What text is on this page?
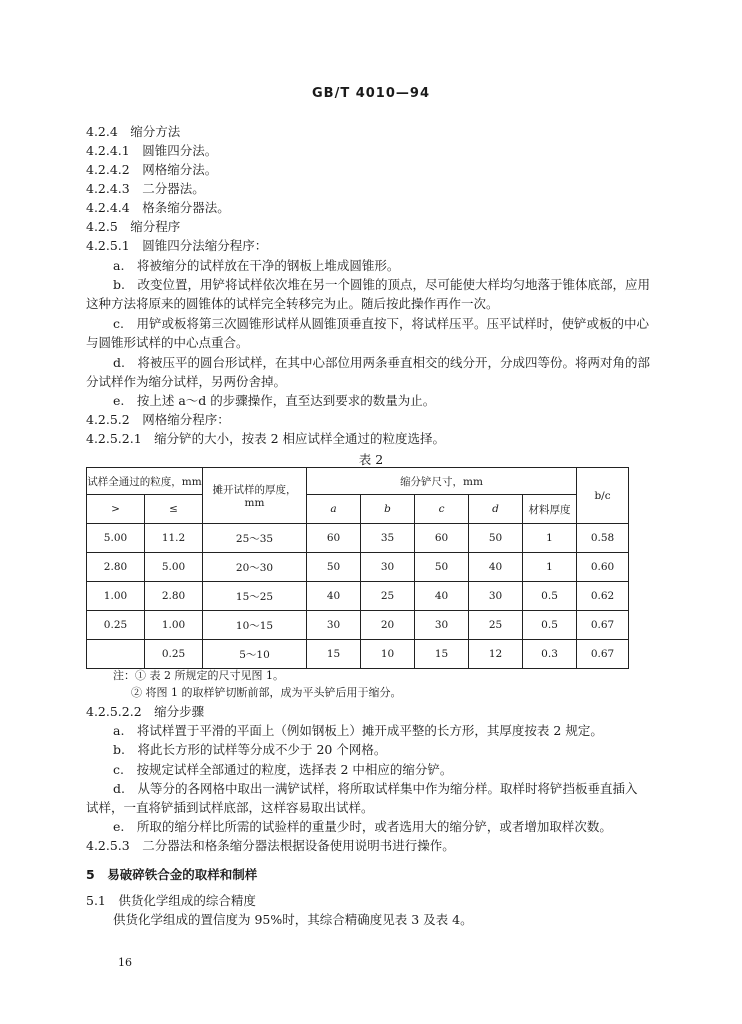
GB/T 4010—94
4.2.4　缩分方法
4.2.4.1　圆锥四分法。
4.2.4.2　网格缩分法。
4.2.4.3　二分器法。
4.2.4.4　格条缩分器法。
4.2.5　缩分程序
4.2.5.1　圆锥四分法缩分程序：
a.　将被缩分的试样放在干净的钢板上堆成圆锥形。
b.　改变位置，用铲将试样依次堆在另一个圆锥的顶点，尽可能使大样均匀地落于锥体底部，应用
这种方法将原来的圆锥体的试样完全转移完为止。随后按此操作再作一次。
c.　用铲或板将第三次圆锥形试样从圆锥顶垂直按下，将试样压平。压平试样时，使铲或板的中心
与圆锥形试样的中心点重合。
d.　将被压平的圆台形试样，在其中心部位用两条垂直相交的线分开，分成四等份。将两对角的部
分试样作为缩分试样，另两份舍掉。
e.　按上述 a～d 的步骤操作，直至达到要求的数量为止。
4.2.5.2　网格缩分程序：
4.2.5.2.1　缩分铲的大小，按表 2 相应试样全通过的粒度选择。
表 2
试样全通过的粒度，mm		摊开试样的厚度，mm	缩分铲尺寸，mm					b/c
>	≤		a	b	c	d	材料厚度	
5.00	11.2	25～35	60	35	60	50	1	0.58
2.80	5.00	20～30	50	30	50	40	1	0.60
1.00	2.80	15～25	40	25	40	30	0.5	0.62
0.25	1.00	10～15	30	20	30	25	0.5	0.67
	0.25	5～10	15	10	15	12	0.3	0.67
注：① 表 2 所规定的尺寸见图 1。
② 将图 1 的取样铲切断前部，成为平头铲后用于缩分。
4.2.5.2.2　缩分步骤
a.　将试样置于平滑的平面上（例如钢板上）摊开成平整的长方形，其厚度按表 2 规定。
b.　将此长方形的试样等分成不少于 20 个网格。
c.　按规定试样全部通过的粒度，选择表 2 中相应的缩分铲。
d.　从等分的各网格中取出一满铲试样，将所取试样集中作为缩分样。取样时将铲挡板垂直插入
试样，一直将铲插到试样底部，这样容易取出试样。
e.　所取的缩分样比所需的试验样的重量少时，或者选用大的缩分铲，或者增加取样次数。
4.2.5.3　二分器法和格条缩分器法根据设备使用说明书进行操作。
5　易破碎铁合金的取样和制样
5.1　供货化学组成的综合精度
供货化学组成的置信度为 95%时，其综合精确度见表 3 及表 4。
16
